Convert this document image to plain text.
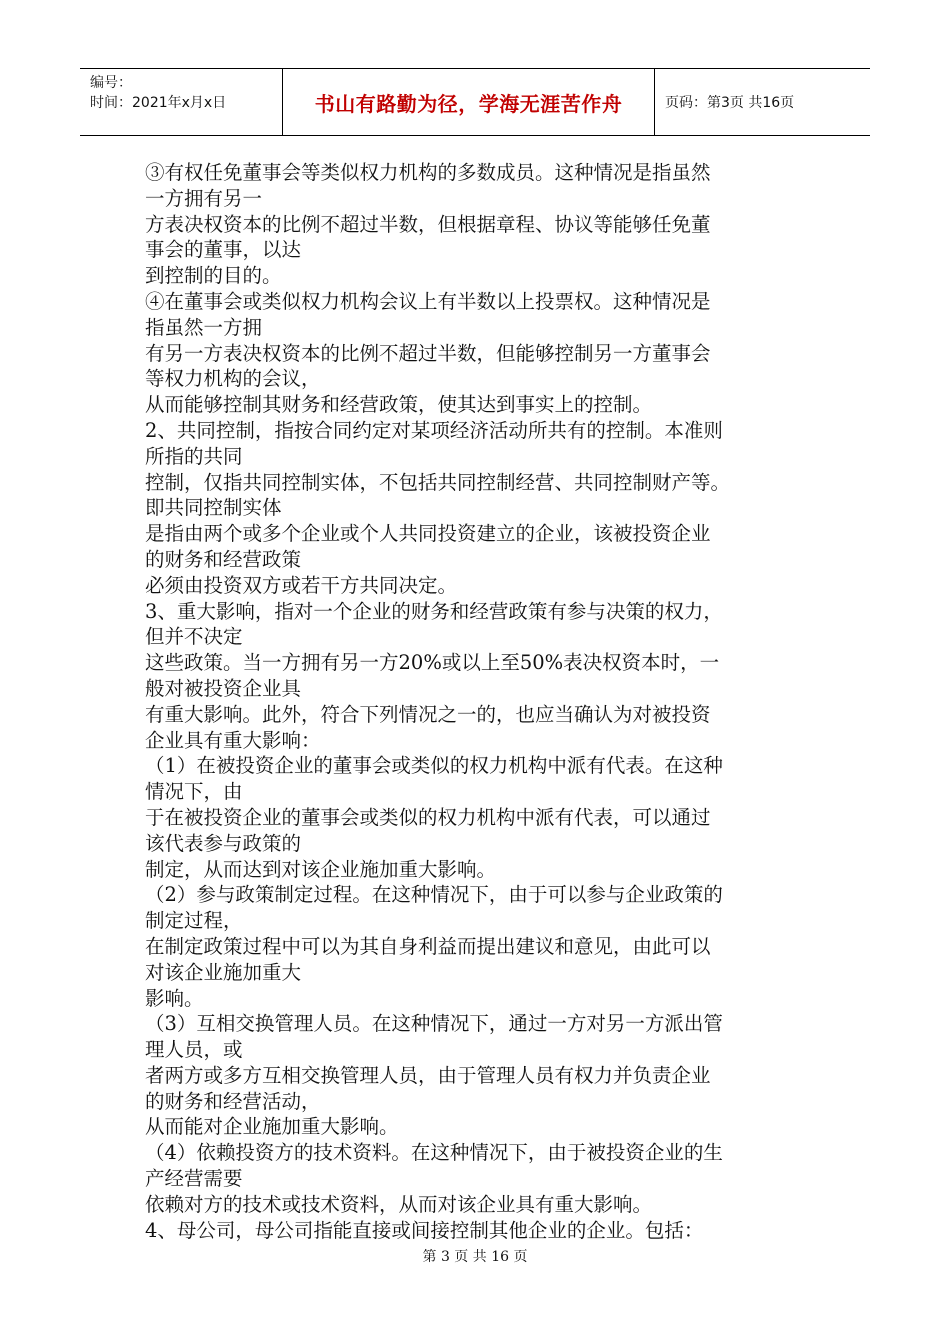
编号：
时间：2021年x月x日	书山有路勤为径，学海无涯苦作舟	页码：第3页 共16页
③有权任免董事会等类似权力机构的多数成员。这种情况是指虽然
一方拥有另一
方表决权资本的比例不超过半数，但根据章程、协议等能够任免董
事会的董事，以达
到控制的目的。
④在董事会或类似权力机构会议上有半数以上投票权。这种情况是
指虽然一方拥
有另一方表决权资本的比例不超过半数，但能够控制另一方董事会
等权力机构的会议，
从而能够控制其财务和经营政策，使其达到事实上的控制。
2、共同控制，指按合同约定对某项经济活动所共有的控制。本准则
所指的共同
控制，仅指共同控制实体，不包括共同控制经营、共同控制财产等。
即共同控制实体
是指由两个或多个企业或个人共同投资建立的企业，该被投资企业
的财务和经营政策
必须由投资双方或若干方共同决定。
3、重大影响，指对一个企业的财务和经营政策有参与决策的权力，
但并不决定
这些政策。当一方拥有另一方20%或以上至50%表决权资本时，一
般对被投资企业具
有重大影响。此外，符合下列情况之一的，也应当确认为对被投资
企业具有重大影响：
（1）在被投资企业的董事会或类似的权力机构中派有代表。在这种
情况下，由
于在被投资企业的董事会或类似的权力机构中派有代表，可以通过
该代表参与政策的
制定，从而达到对该企业施加重大影响。
（2）参与政策制定过程。在这种情况下，由于可以参与企业政策的
制定过程，
在制定政策过程中可以为其自身利益而提出建议和意见，由此可以
对该企业施加重大
影响。
（3）互相交换管理人员。在这种情况下，通过一方对另一方派出管
理人员，或
者两方或多方互相交换管理人员，由于管理人员有权力并负责企业
的财务和经营活动，
从而能对企业施加重大影响。
（4）依赖投资方的技术资料。在这种情况下，由于被投资企业的生
产经营需要
依赖对方的技术或技术资料，从而对该企业具有重大影响。
4、母公司，母公司指能直接或间接控制其他企业的企业。包括：
第 3 页 共 16 页
